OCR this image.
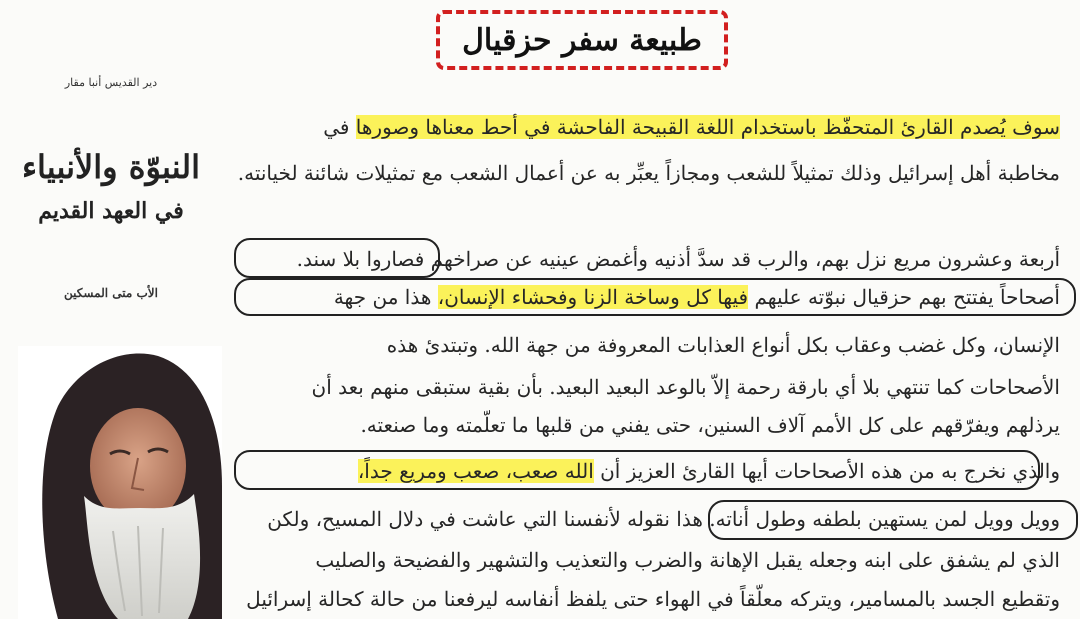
طبيعة سفر حزقيال
دير القديس أنبا مقار
النبوّة والأنبياء
في العهد القديم
الأب متى المسكين
سوف يُصدم القارئ المتحفّظ باستخدام اللغة القبيحة الفاحشة في أحط معناها وصورها في
مخاطبة أهل إسرائيل وذلك تمثيلاً للشعب ومجازاً يعبِّر به عن أعمال الشعب مع تمثيلات شائنة لخيانته.
أربعة وعشرون مريع نزل بهم، والرب قد سدَّ أذنيه وأغمض عينيه عن صراخهم فصاروا بلا سند.
أصحاحاً يفتتح بهم حزقيال نبوّته عليهم فيها كل وساخة الزنا وفحشاء الإنسان، هذا من جهة
الإنسان، وكل غضب وعقاب بكل أنواع العذابات المعروفة من جهة الله. وتبتدئ هذه
الأصحاحات كما تنتهي بلا أي بارقة رحمة إلاّ بالوعد البعيد البعيد. بأن بقية ستبقى منهم بعد أن
يرذلهم ويفرّقهم على كل الأمم آلاف السنين، حتى يفني من قلبها ما تعلّمته وما صنعته.
والذي نخرج به من هذه الأصحاحات أيها القارئ العزيز أن الله صعب، صعب ومريع جداً،
وويل وويل لمن يستهين بلطفه وطول أناته. هذا نقوله لأنفسنا التي عاشت في دلال المسيح، ولكن
الذي لم يشفق على ابنه وجعله يقبل الإهانة والضرب والتعذيب والتشهير والفضيحة والصليب
وتقطيع الجسد بالمسامير، ويتركه معلّقاً في الهواء حتى يلفظ أنفاسه ليرفعنا من حالة كحالة إسرائيل
